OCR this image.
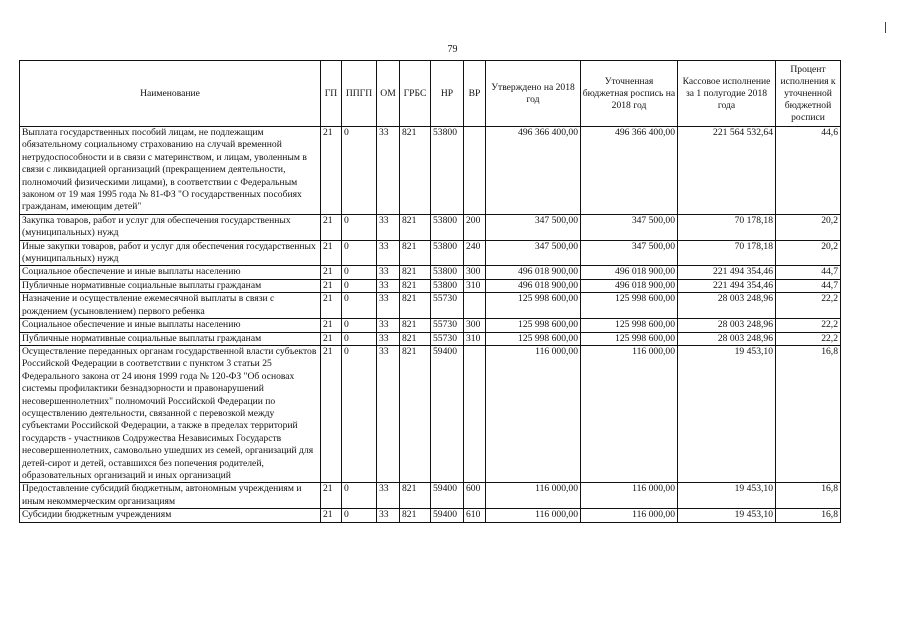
79
Наименование	ГП	ППГП	ОМ	ГРБС	НР	ВР	Утверждено на 2018 год	Уточненная бюджетная роспись на 2018 год	Кассовое исполнение за 1 полугодие 2018 года	Процент исполнения к уточненной бюджетной росписи
Выплата государственных пособий лицам, не подлежащим обязательному социальному страхованию на случай временной нетрудоспособности и в связи с материнством, и лицам, уволенным в связи с ликвидацией организаций (прекращением деятельности, полномочий физическими лицами), в соответствии с Федеральным законом от 19 мая 1995 года № 81-ФЗ "О государственных пособиях гражданам, имеющим детей"	21	0	33	821	53800		496 366 400,00	496 366 400,00	221 564 532,64	44,6
Закупка товаров, работ и услуг для обеспечения государственных (муниципальных) нужд	21	0	33	821	53800	200	347 500,00	347 500,00	70 178,18	20,2
Иные закупки товаров, работ и услуг для обеспечения государственных (муниципальных) нужд	21	0	33	821	53800	240	347 500,00	347 500,00	70 178,18	20,2
Социальное обеспечение и иные выплаты населению	21	0	33	821	53800	300	496 018 900,00	496 018 900,00	221 494 354,46	44,7
Публичные нормативные социальные выплаты гражданам	21	0	33	821	53800	310	496 018 900,00	496 018 900,00	221 494 354,46	44,7
Назначение и осуществление ежемесячной выплаты в связи с рождением (усыновлением) первого ребенка	21	0	33	821	55730		125 998 600,00	125 998 600,00	28 003 248,96	22,2
Социальное обеспечение и иные выплаты населению	21	0	33	821	55730	300	125 998 600,00	125 998 600,00	28 003 248,96	22,2
Публичные нормативные социальные выплаты гражданам	21	0	33	821	55730	310	125 998 600,00	125 998 600,00	28 003 248,96	22,2
Осуществление переданных органам государственной власти субъектов Российской Федерации в соответствии с пунктом 3 статьи 25 Федерального закона от 24 июня 1999 года № 120-ФЗ "Об основах системы профилактики безнадзорности и правонарушений несовершеннолетних" полномочий Российской Федерации по осуществлению деятельности, связанной с перевозкой между субъектами Российской Федерации, а также в пределах территорий государств - участников Содружества Независимых Государств несовершеннолетних, самовольно ушедших из семей, организаций для детей-сирот и детей, оставшихся без попечения родителей, образовательных организаций и иных организаций	21	0	33	821	59400		116 000,00	116 000,00	19 453,10	16,8
Предоставление субсидий бюджетным, автономным учреждениям и иным некоммерческим организациям	21	0	33	821	59400	600	116 000,00	116 000,00	19 453,10	16,8
Субсидии бюджетным учреждениям	21	0	33	821	59400	610	116 000,00	116 000,00	19 453,10	16,8
